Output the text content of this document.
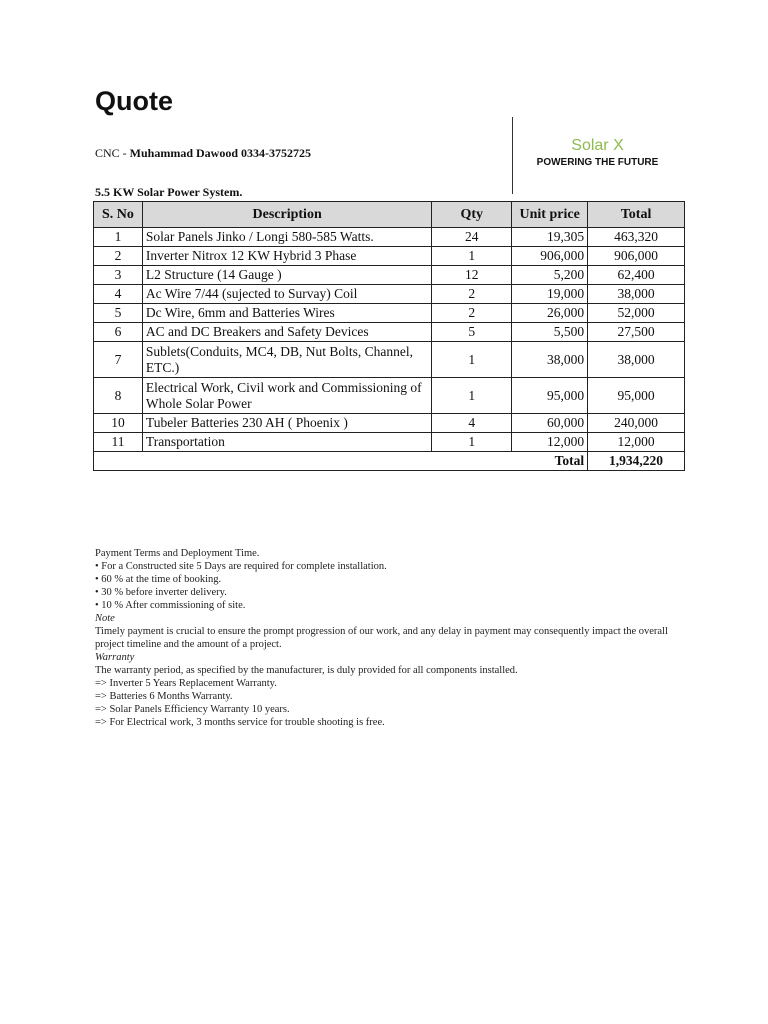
Quote
CNC - Muhammad Dawood 0334-3752725	Solar X
POWERING THE FUTURE
5.5 KW Solar Power System.
S. No	Description	Qty	Unit price	Total
1	Solar Panels Jinko / Longi 580-585 Watts.	24	19,305	463,320
2	Inverter Nitrox 12 KW Hybrid 3 Phase	1	906,000	906,000
3	L2 Structure (14 Gauge )	12	5,200	62,400
4	Ac Wire 7/44 (sujected to Survay) Coil	2	19,000	38,000
5	Dc Wire, 6mm and Batteries Wires	2	26,000	52,000
6	AC and DC Breakers and Safety Devices	5	5,500	27,500
7	Sublets(Conduits, MC4, DB, Nut Bolts, Channel, ETC.)	1	38,000	38,000
8	Electrical Work, Civil work and Commissioning of Whole Solar Power	1	95,000	95,000
10	Tubeler Batteries 230 AH ( Phoenix )	4	60,000	240,000
11	Transportation	1	12,000	12,000
Total				1,934,220
Payment Terms and Deployment Time.
• For a Constructed site 5 Days are required for complete installation.
• 60 % at the time of booking.
• 30 % before inverter delivery.
• 10 % After commissioning of site.
Note
Timely payment is crucial to ensure the prompt progression of our work, and any delay in payment may consequently impact the overall project timeline and the amount of a project.
Warranty
The warranty period, as specified by the manufacturer, is duly provided for all components installed.
=> Inverter 5 Years Replacement Warranty.
=> Batteries 6 Months Warranty.
=> Solar Panels Efficiency Warranty 10 years.
=> For Electrical work, 3 months service for trouble shooting is free.
